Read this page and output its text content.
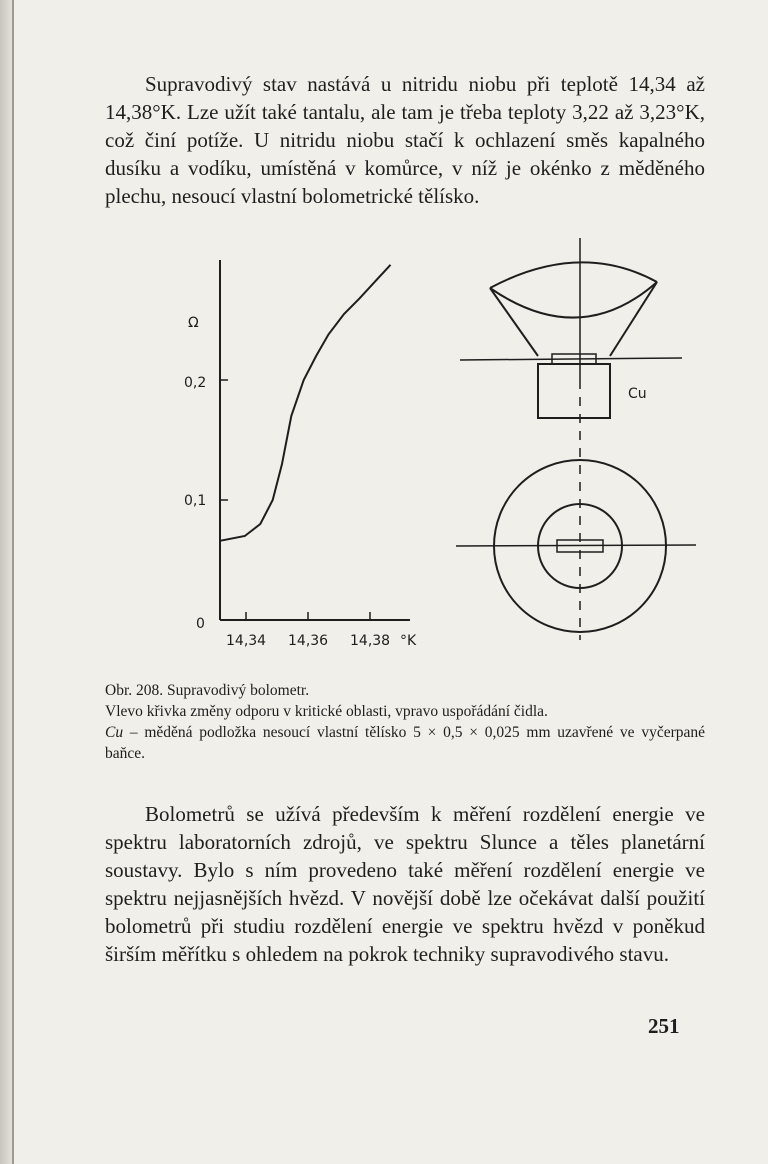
Supravodivý stav nastává u nitridu niobu při teplotě 14,34 až 14,38°K. Lze užít také tantalu, ale tam je třeba teploty 3,22 až 3,23°K, což činí potíže. U nitridu niobu stačí k ochlazení směs kapalného dusíku a vodíku, umístěná v komůrce, v níž je okénko z měděného plechu, nesoucí vlastní bolometrické tělísko.

Ω
0,2
0,1
0
14,34 14,36 14,38 °K
Cu
Obr. 208. Supravodivý bolometr.
Vlevo křivka změny odporu v kritické oblasti, vpravo uspořádání čidla.
Cu – měděná podložka nesoucí vlastní tělísko 5 × 0,5 × 0,025 mm uzavřené ve vyčerpané baňce.

Bolometrů se užívá především k měření rozdělení energie ve spektru laboratorních zdrojů, ve spektru Slunce a těles planetární soustavy. Bylo s ním provedeno také měření rozdělení energie ve spektru nejjasnějších hvězd. V novější době lze očekávat další použití bolometrů při studiu rozdělení energie ve spektru hvězd v poněkud širším měřítku s ohledem na pokrok techniky supravodivého stavu.

251
